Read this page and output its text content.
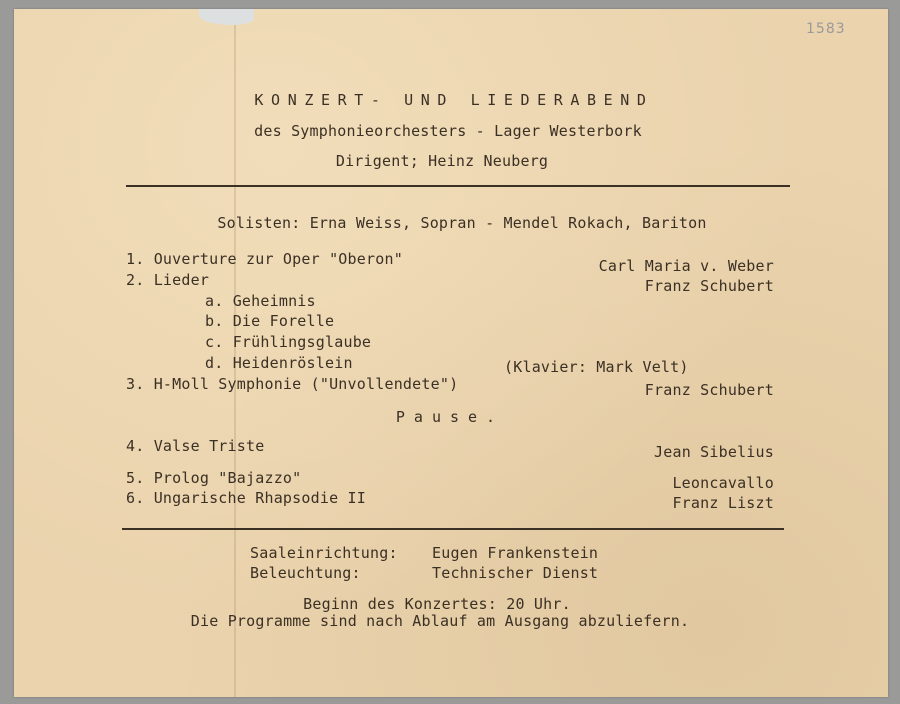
1583
KONZERT- UND LIEDERABEND
des Symphonieorchesters - Lager Westerbork
Dirigent; Heinz Neuberg
Solisten: Erna Weiss, Sopran - Mendel Rokach, Bariton
1. Ouverture zur Oper "Oberon"	Carl Maria v. Weber
2. Lieder	Franz Schubert
a. Geheimnis
b. Die Forelle
c. Frühlingsglaube
d. Heidenröslein	(Klavier: Mark Velt)
3. H-Moll Symphonie ("Unvollendete")	Franz Schubert
Pause.
4. Valse Triste	Jean Sibelius
5. Prolog "Bajazzo"	Leoncavallo
6. Ungarische Rhapsodie II	Franz Liszt
Saaleinrichtung: Eugen Frankenstein
Beleuchtung:	Technischer Dienst
Beginn des Konzertes: 20 Uhr.
Die Programme sind nach Ablauf am Ausgang abzuliefern.
